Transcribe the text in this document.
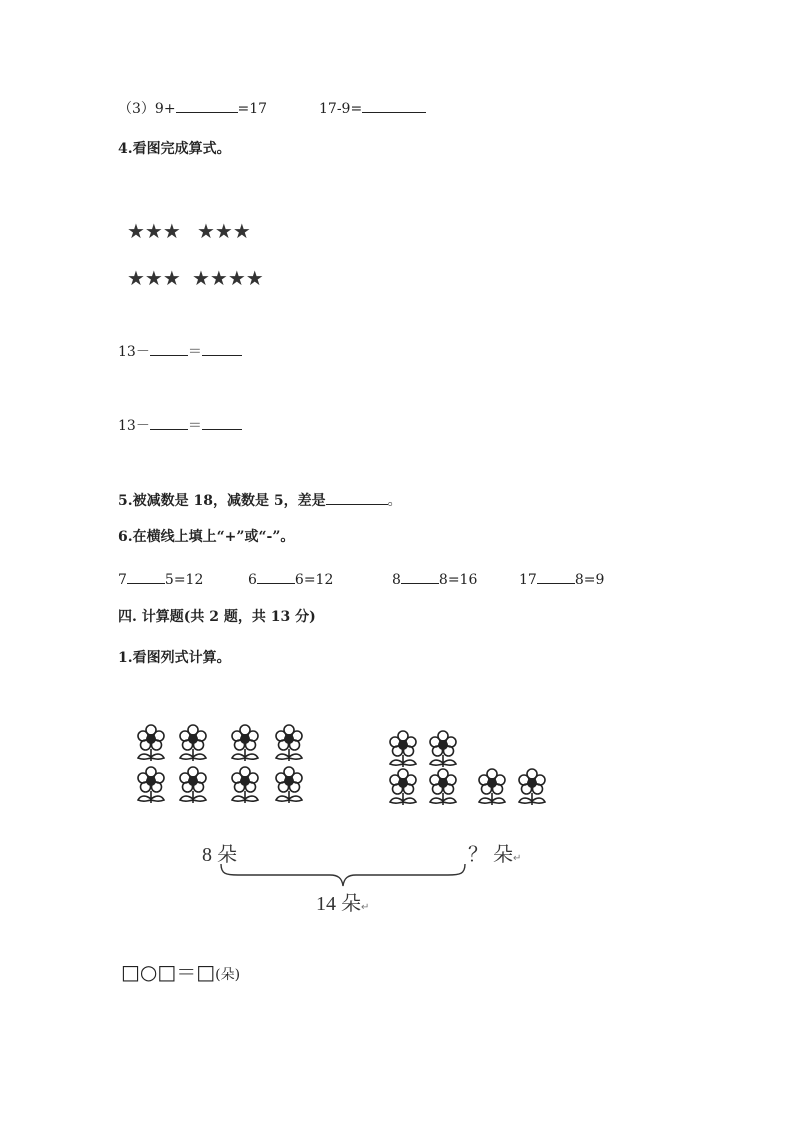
（3）9+	=17	17-9=
4.看图完成算式。
★★★ ★★★
★★★ ★★★★
13－	＝
13－	＝
5.被减数是 18，减数是 5，差是	。
6.在横线上填上“+”或“-”。
7	5=12	6	6=12	8	8=16	17	8=9
四. 计算题(共 2 题，共 13 分)
1.看图列式计算。
8 朵	？ 朵↵
14 朵↵
□○□＝□(朵)
